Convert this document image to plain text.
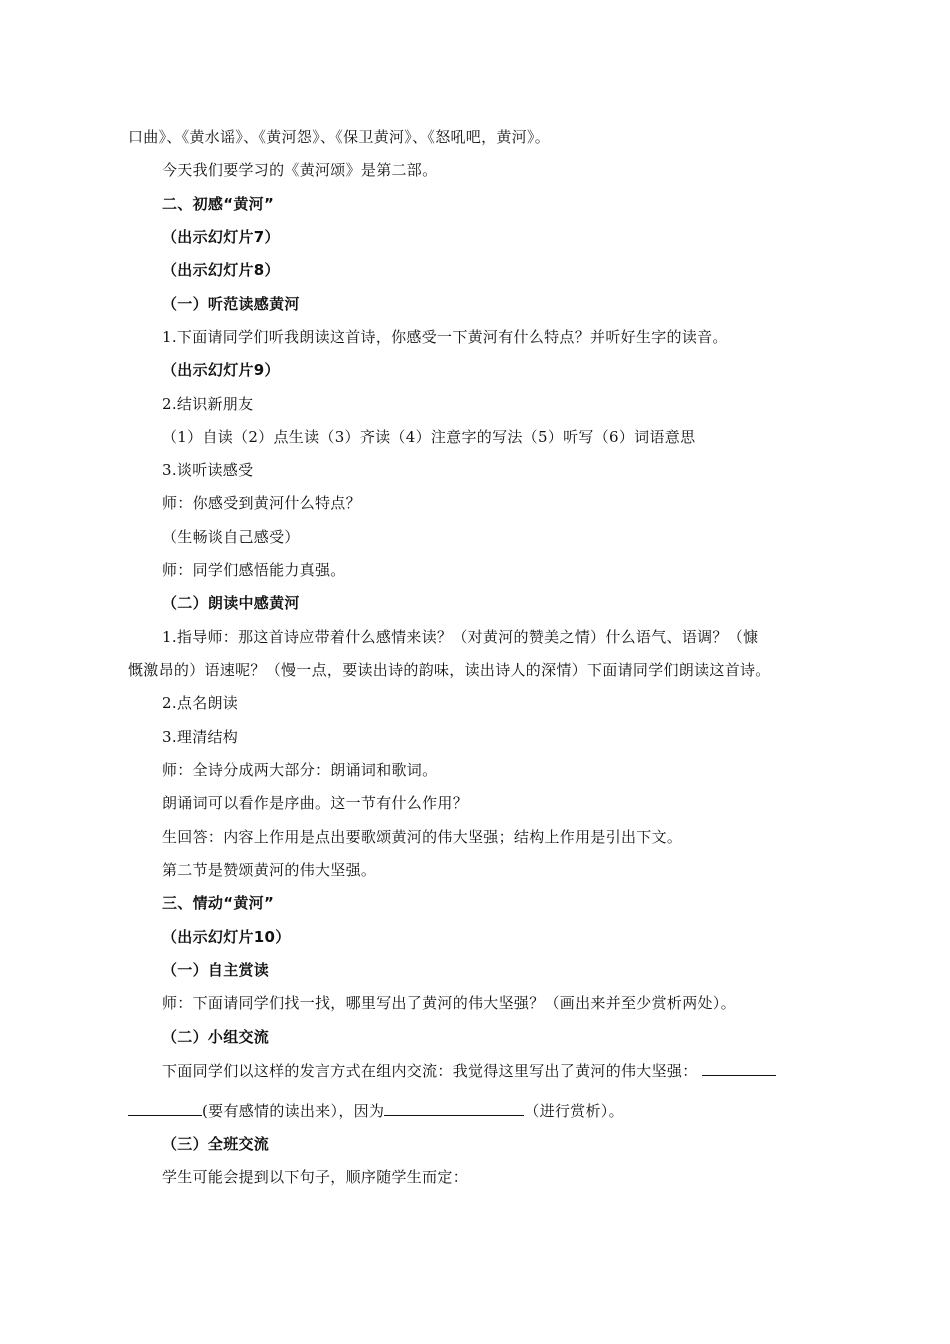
口曲》、《黄水谣》、《黄河怨》、《保卫黄河》、《怒吼吧，黄河》。
今天我们要学习的《黄河颂》是第二部。
二、初感“黄河”
（出示幻灯片7）
（出示幻灯片8）
（一）听范读感黄河
1.下面请同学们听我朗读这首诗，你感受一下黄河有什么特点？并听好生字的读音。
（出示幻灯片9）
2.结识新朋友
（1）自读（2）点生读（3）齐读（4）注意字的写法（5）听写（6）词语意思
3.谈听读感受
师：你感受到黄河什么特点？
（生畅谈自己感受）
师：同学们感悟能力真强。
（二）朗读中感黄河
1.指导师：那这首诗应带着什么感情来读？（对黄河的赞美之情）什么语气、语调？（慷
慨激昂的）语速呢？（慢一点，要读出诗的韵味，读出诗人的深情）下面请同学们朗读这首诗。
2.点名朗读
3.理清结构
师：全诗分成两大部分：朗诵词和歌词。
朗诵词可以看作是序曲。这一节有什么作用？
生回答：内容上作用是点出要歌颂黄河的伟大坚强；结构上作用是引出下文。
第二节是赞颂黄河的伟大坚强。
三、情动“黄河”
（出示幻灯片10）
（一）自主赏读
师：下面请同学们找一找，哪里写出了黄河的伟大坚强？（画出来并至少赏析两处）。
（二）小组交流
下面同学们以这样的发言方式在组内交流：我觉得这里写出了黄河的伟大坚强：
(要有感情的读出来），因为	（进行赏析）。
（三）全班交流
学生可能会提到以下句子，顺序随学生而定：
